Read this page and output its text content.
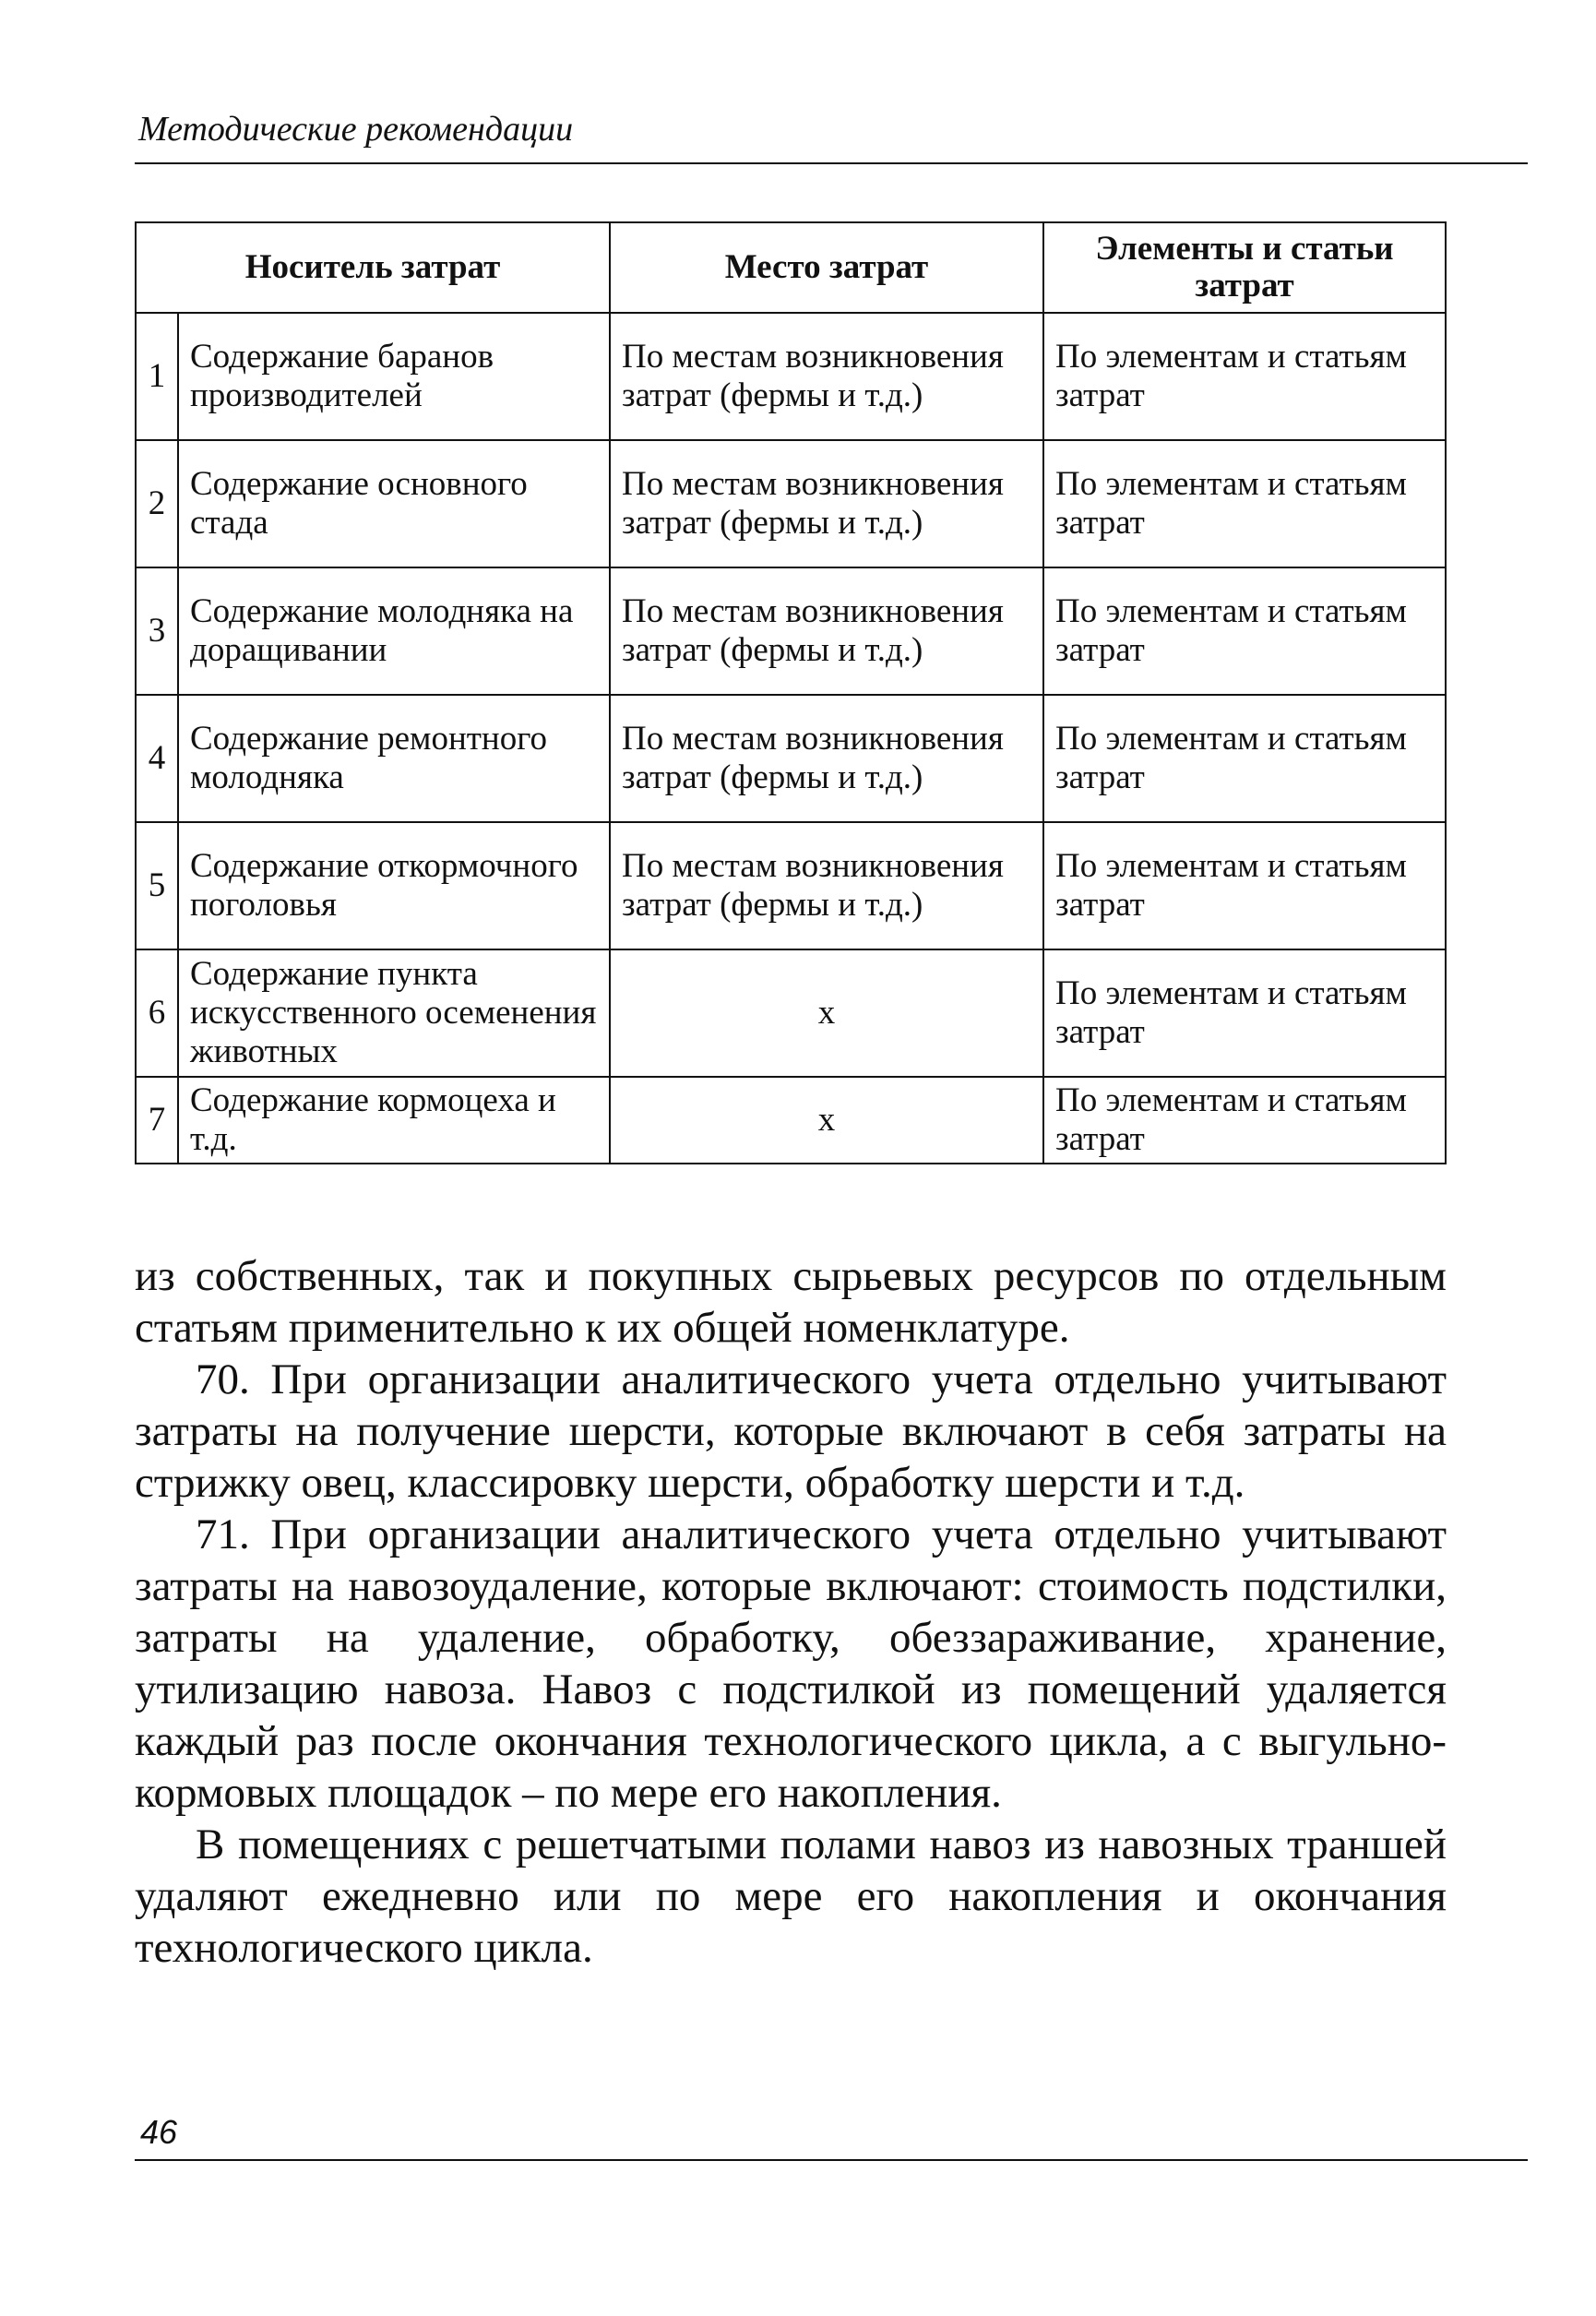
Методические рекомендации
Носитель затрат		Место затрат	Элементы и статьи затрат
1	Содержание баранов производителей	По местам возникновения затрат (фермы и т.д.)	По элементам и статьям затрат
2	Содержание основного стада	По местам возникновения затрат (фермы и т.д.)	По элементам и статьям затрат
3	Содержание молодняка на доращивании	По местам возникновения затрат (фермы и т.д.)	По элементам и статьям затрат
4	Содержание ремонтного молодняка	По местам возникновения затрат (фермы и т.д.)	По элементам и статьям затрат
5	Содержание откормочного поголовья	По местам возникновения затрат (фермы и т.д.)	По элементам и статьям затрат
6	Содержание пункта искусственного осеменения животных	х	По элементам и статьям затрат
7	Содержание кормоцеха и т.д.	х	По элементам и статьям затрат

из собственных, так и покупных сырьевых ресурсов по отдельным статьям применительно к их общей номенклатуре.

70. При организации аналитического учета отдельно учитывают затраты на получение шерсти, которые включают в себя затраты на стрижку овец, классировку шерсти, обработку шерсти и т.д.

71. При организации аналитического учета отдельно учитывают затраты на навозоудаление, которые включают: стоимость подстилки, затраты на удаление, обработку, обеззараживание, хранение, утилизацию навоза. Навоз с подстилкой из помещений удаляется каждый раз после окончания технологического цикла, а с выгульно-кормовых площадок – по мере его накопления.

В помещениях с решетчатыми полами навоз из навозных траншей удаляют ежедневно или по мере его накопления и окончания технологического цикла.

46
